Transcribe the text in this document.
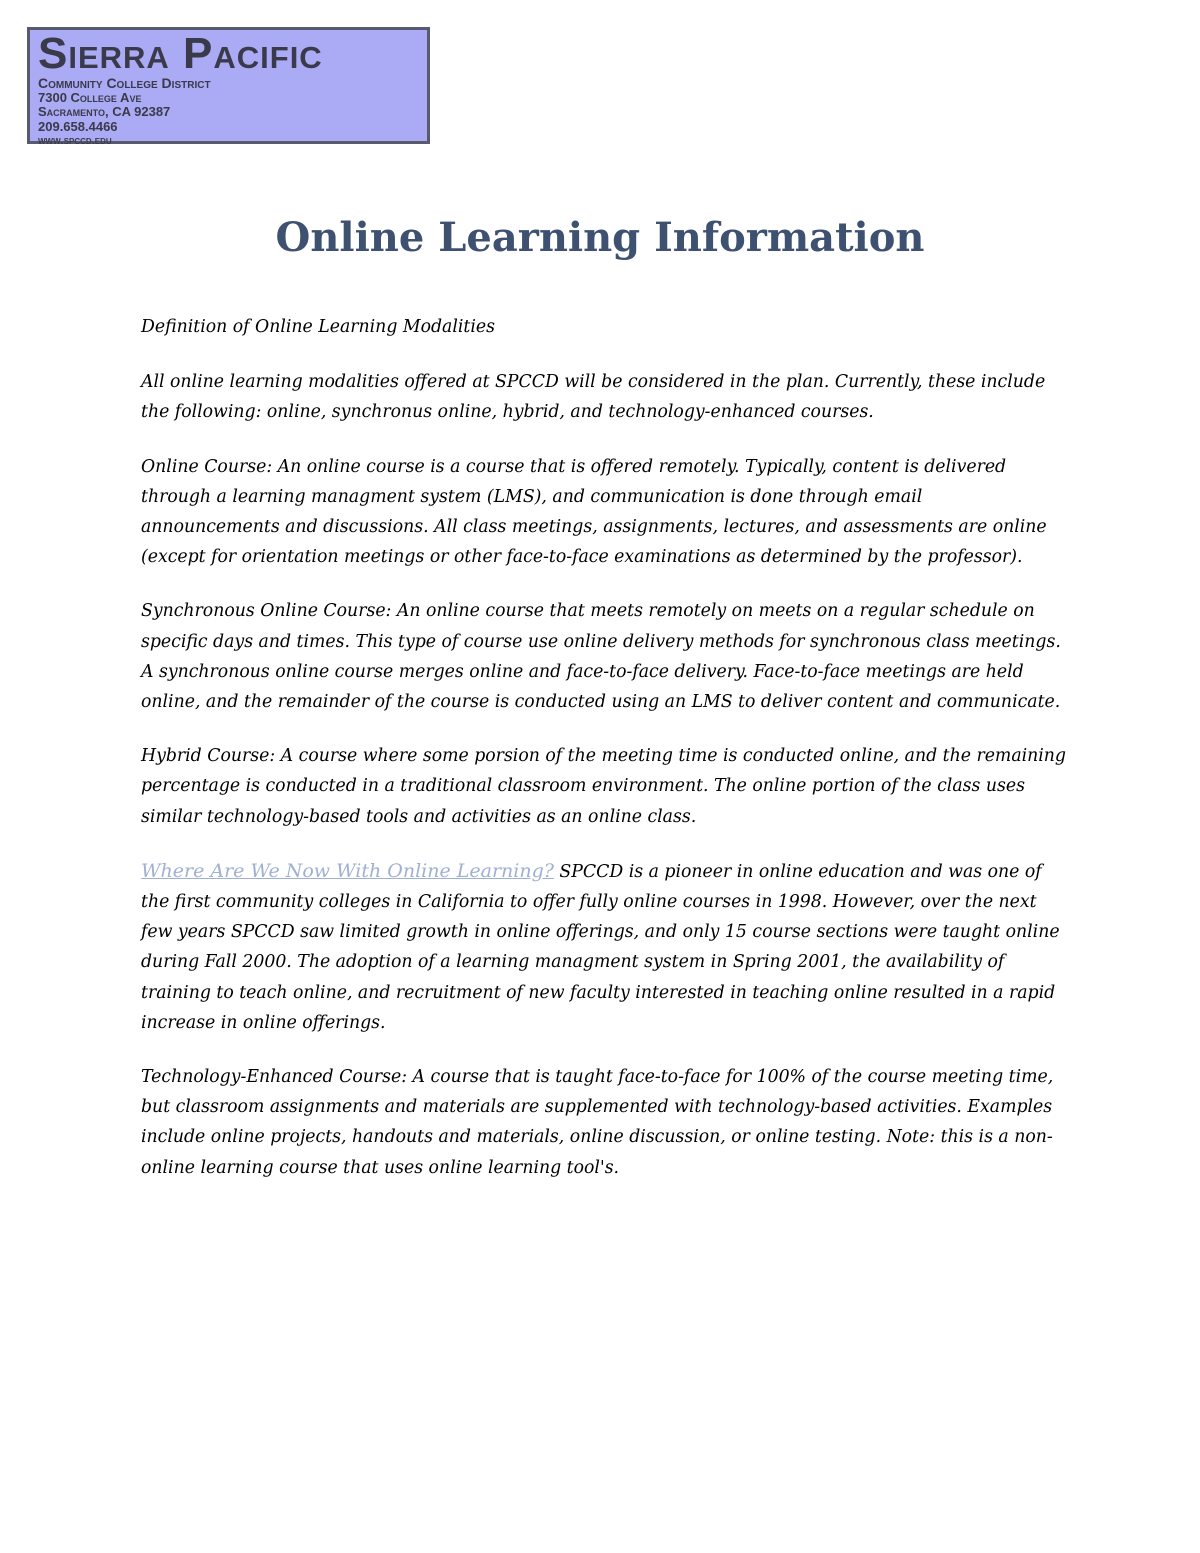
Sierra Pacific
Community College District
7300 College Ave
Sacramento, CA 92387
209.658.4466
www.spccd.edu
Online Learning Information

Definition of Online Learning Modalities

All online learning modalities offered at SPCCD will be considered in the plan. Currently, these include the following: online, synchronus online, hybrid, and technology-enhanced courses.

Online Course: An online course is a course that is offered remotely. Typically, content is delivered through a learning managment system (LMS), and communication is done through email announcements and discussions. All class meetings, assignments, lectures, and assessments are online (except for orientation meetings or other face-to-face examinations as determined by the professor).

Synchronous Online Course: An online course that meets remotely on meets on a regular schedule on specific days and times. This type of course use online delivery methods for synchronous class meetings. A synchronous online course merges online and face-to-face delivery. Face-to-face meetings are held online, and the remainder of the course is conducted using an LMS to deliver content and communicate.

Hybrid Course: A course where some porsion of the meeting time is conducted online, and the remaining percentage is conducted in a traditional classroom environment. The online portion of the class uses similar technology-based tools and activities as an online class.

Where Are We Now With Online Learning? SPCCD is a pioneer in online education and was one of the first community colleges in California to offer fully online courses in 1998. However, over the next few years SPCCD saw limited growth in online offerings, and only 15 course sections were taught online during Fall 2000. The adoption of a learning managment system in Spring 2001, the availability of training to teach online, and recruitment of new faculty interested in teaching online resulted in a rapid increase in online offerings.

Technology-Enhanced Course: A course that is taught face-to-face for 100% of the course meeting time, but classroom assignments and materials are supplemented with technology-based activities. Examples include online projects, handouts and materials, online discussion, or online testing. Note: this is a non-online learning course that uses online learning tool's.
